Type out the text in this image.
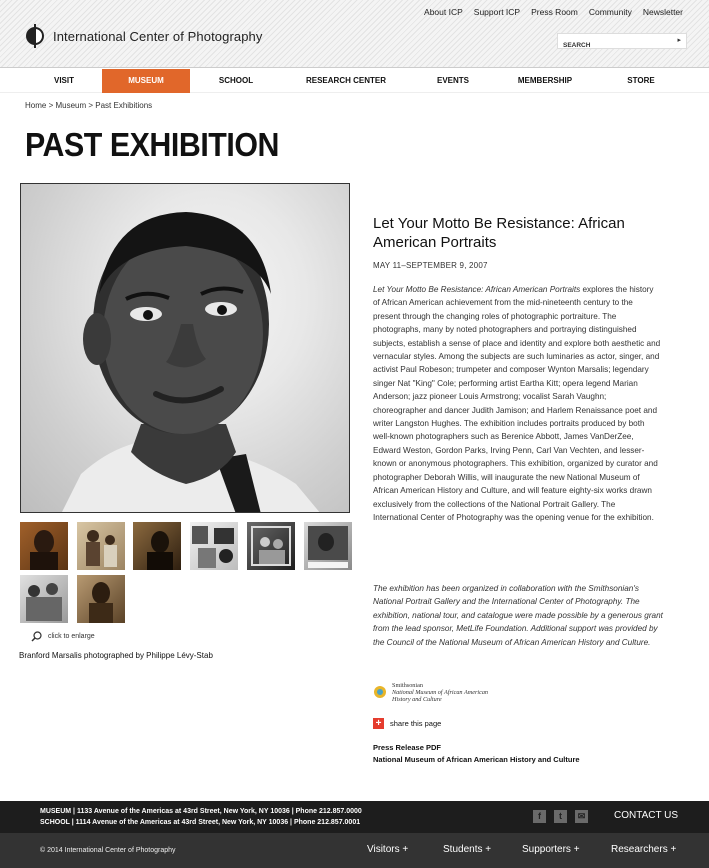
International Center of Photography
About ICP Support ICP Press Room Community Newsletter
SEARCH
▸
VISIT	MUSEUM	SCHOOL	RESEARCH CENTER	EVENTS	MEMBERSHIP	STORE
Home > Museum > Past Exhibitions
PAST EXHIBITION
click to enlarge
Branford Marsalis photographed by Philippe Lévy-Stab
Let Your Motto Be Resistance: African American Portraits
MAY 11–SEPTEMBER 9, 2007
Let Your Motto Be Resistance: African American Portraits explores the history of African American achievement from the mid-nineteenth century to the present through the changing roles of photographic portraiture. The photographs, many by noted photographers and portraying distinguished subjects, establish a sense of place and identity and explore both aesthetic and vernacular styles. Among the subjects are such luminaries as actor, singer, and activist Paul Robeson; trumpeter and composer Wynton Marsalis; legendary singer Nat "King" Cole; performing artist Eartha Kitt; opera legend Marian Anderson; jazz pioneer Louis Armstrong; vocalist Sarah Vaughn; choreographer and dancer Judith Jamison; and Harlem Renaissance poet and writer Langston Hughes. The exhibition includes portraits produced by both well-known photographers such as Berenice Abbott, James VanDerZee, Edward Weston, Gordon Parks, Irving Penn, Carl Van Vechten, and lesser-known or anonymous photographers. This exhibition, organized by curator and photographer Deborah Willis, will inaugurate the new National Museum of African American History and Culture, and will feature eighty-six works drawn exclusively from the collections of the National Portrait Gallery. The International Center of Photography was the opening venue for the exhibition.
The exhibition has been organized in collaboration with the Smithsonian's National Portrait Gallery and the International Center of Photography. The exhibition, national tour, and catalogue were made possible by a generous grant from the lead sponsor, MetLife Foundation. Additional support was provided by the Council of the National Museum of African American History and Culture.
Smithsonian
National Museum of African American
History and Culture
+	share this page
Press Release PDF
National Museum of African American History and Culture
MUSEUM | 1133 Avenue of the Americas at 43rd Street, New York, NY 10036 | Phone 212.857.0000
SCHOOL | 1114 Avenue of the Americas at 43rd Street, New York, NY 10036 | Phone 212.857.0001
f	t	✉	CONTACT US
© 2014 International Center of Photography	Visitors +	Students +	Supporters +	Researchers +
